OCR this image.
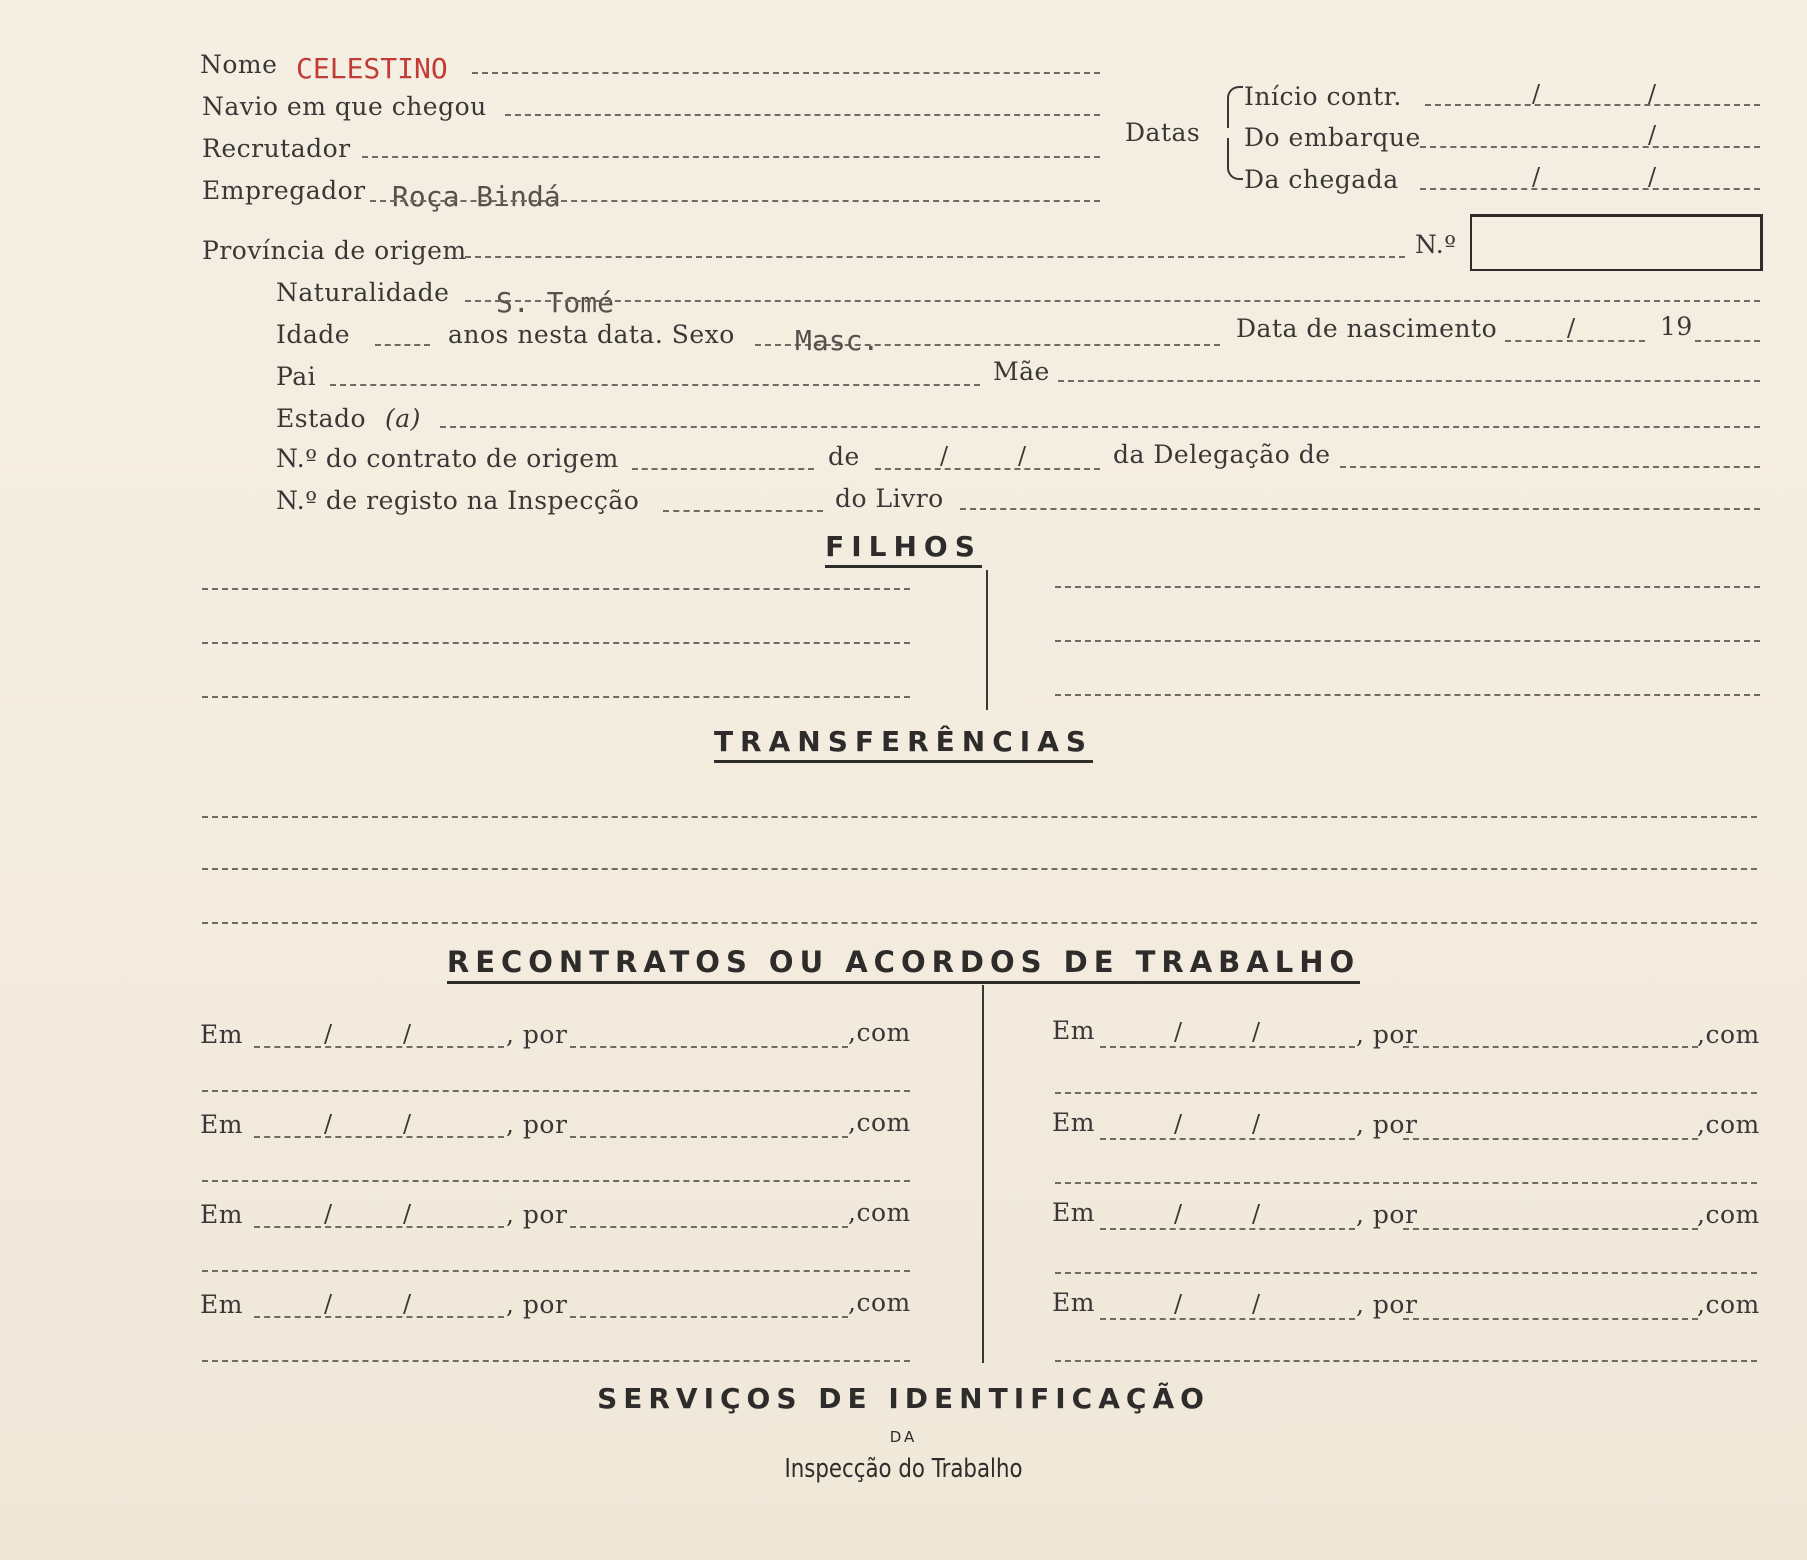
Nome CELESTINO
Navio em que chegou
Recrutador
Empregador Roça Bindá
Datas
Início contr.	/	/
Do embarque	/
Da chegada	/	/
Província de origem	N.º
Naturalidade S. Tomé
Idade	anos nesta data. Sexo Masc.	Data de nascimento	/	19
Pai	Mãe
Estado (a)
N.º do contrato de origem	de	/	/	da Delegação de
N.º de registo na Inspecção	do Livro
FILHOS
TRANSFERÊNCIAS
RECONTRATOS OU ACORDOS DE TRABALHO
Em	/	/	, por	,com
Em	/	/	, por	,com
Em	/	/	, por	,com
Em	/	/	, por	,com
Em	/	/	, por	,com
Em	/	/	, por	,com
Em	/	/	, por	,com
Em	/	/	, por	,com
SERVIÇOS DE IDENTIFICAÇÃO
DA
Inspecção do Trabalho
